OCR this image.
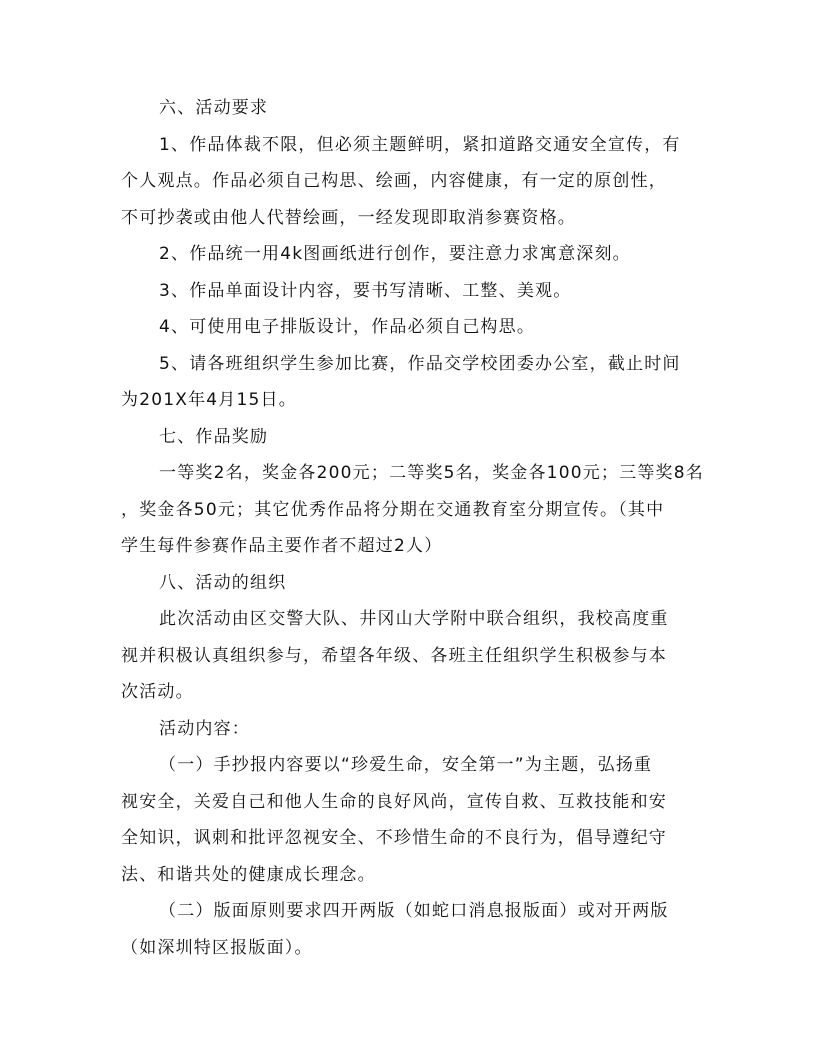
六、活动要求
1、作品体裁不限，但必须主题鲜明，紧扣道路交通安全宣传，有
个人观点。作品必须自己构思、绘画，内容健康，有一定的原创性，
不可抄袭或由他人代替绘画，一经发现即取消参赛资格。
2、作品统一用4k图画纸进行创作，要注意力求寓意深刻。
3、作品单面设计内容，要书写清晰、工整、美观。
4、可使用电子排版设计，作品必须自己构思。
5、请各班组织学生参加比赛，作品交学校团委办公室，截止时间
为201X年4月15日。
七、作品奖励
一等奖2名，奖金各200元；二等奖5名，奖金各100元；三等奖8名
，奖金各50元；其它优秀作品将分期在交通教育室分期宣传。（其中
学生每件参赛作品主要作者不超过2人）
八、活动的组织
此次活动由区交警大队、井冈山大学附中联合组织，我校高度重
视并积极认真组织参与，希望各年级、各班主任组织学生积极参与本
次活动。
活动内容：
（一）手抄报内容要以“珍爱生命，安全第一”为主题，弘扬重
视安全，关爱自己和他人生命的良好风尚，宣传自救、互救技能和安
全知识，讽刺和批评忽视安全、不珍惜生命的不良行为，倡导遵纪守
法、和谐共处的健康成长理念。
（二）版面原则要求四开两版（如蛇口消息报版面）或对开两版
（如深圳特区报版面）。
